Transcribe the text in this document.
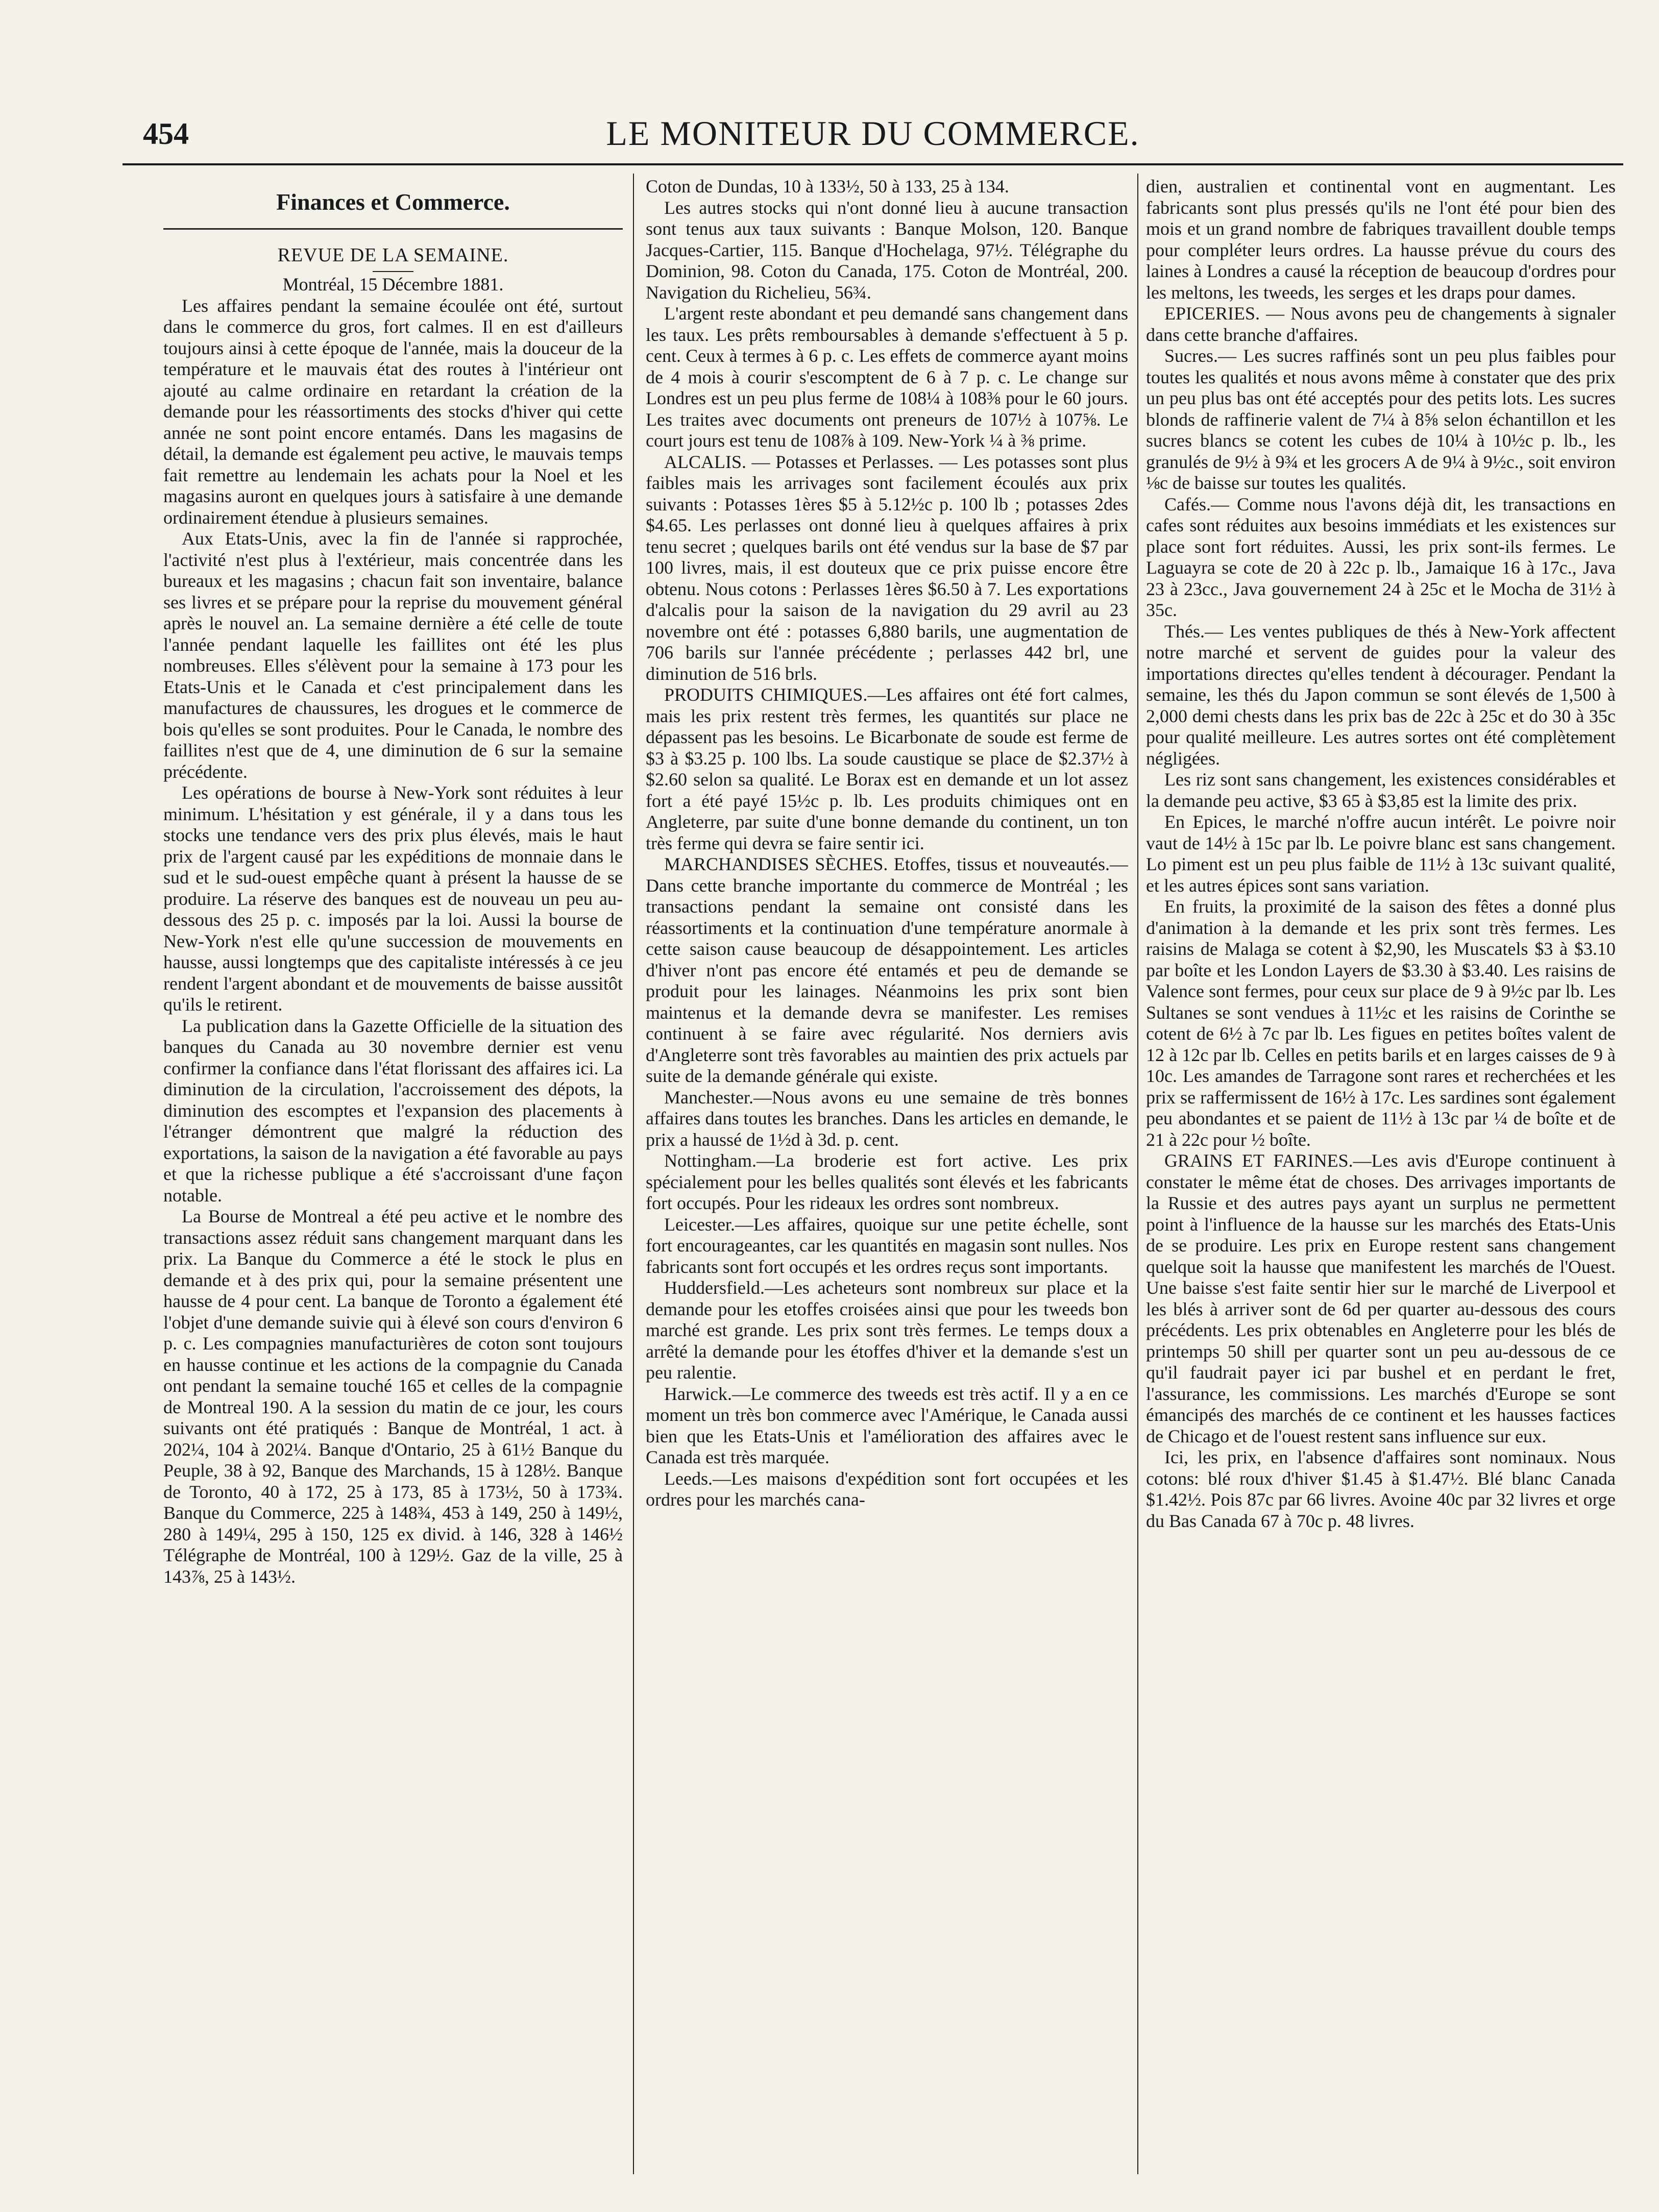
454	LE MONITEUR DU COMMERCE.

Finances et Commerce.

REVUE DE LA SEMAINE.

Montréal, 15 Décembre 1881.

Les affaires pendant la semaine écoulée ont été, surtout dans le commerce du gros, fort calmes. Il en est d'ailleurs toujours ainsi à cette époque de l'année, mais la douceur de la température et le mauvais état des routes à l'intérieur ont ajouté au calme ordinaire en retardant la création de la demande pour les réassortiments des stocks d'hiver qui cette année ne sont point encore entamés. Dans les magasins de détail, la demande est également peu active, le mauvais temps fait remettre au lendemain les achats pour la Noel et les magasins auront en quelques jours à satisfaire à une demande ordinairement étendue à plusieurs semaines.

Aux Etats-Unis, avec la fin de l'année si rapprochée, l'activité n'est plus à l'extérieur, mais concentrée dans les bureaux et les magasins ; chacun fait son inventaire, balance ses livres et se prépare pour la reprise du mouvement général après le nouvel an. La semaine dernière a été celle de toute l'année pendant laquelle les faillites ont été les plus nombreuses. Elles s'élèvent pour la semaine à 173 pour les Etats-Unis et le Canada et c'est principalement dans les manufactures de chaussures, les drogues et le commerce de bois qu'elles se sont produites. Pour le Canada, le nombre des faillites n'est que de 4, une diminution de 6 sur la semaine précédente.

Les opérations de bourse à New-York sont réduites à leur minimum. L'hésitation y est générale, il y a dans tous les stocks une tendance vers des prix plus élevés, mais le haut prix de l'argent causé par les expéditions de monnaie dans le sud et le sud-ouest empêche quant à présent la hausse de se produire. La réserve des banques est de nouveau un peu au-dessous des 25 p. c. imposés par la loi. Aussi la bourse de New-York n'est elle qu'une succession de mouvements en hausse, aussi longtemps que des capitaliste intéressés à ce jeu rendent l'argent abondant et de mouvements de baisse aussitôt qu'ils le retirent.

La publication dans la Gazette Officielle de la situation des banques du Canada au 30 novembre dernier est venu confirmer la confiance dans l'état florissant des affaires ici. La diminution de la circulation, l'accroissement des dépots, la diminution des escomptes et l'expansion des placements à l'étranger démontrent que malgré la réduction des exportations, la saison de la navigation a été favorable au pays et que la richesse publique a été s'accroissant d'une façon notable.

La Bourse de Montreal a été peu active et le nombre des transactions assez réduit sans changement marquant dans les prix. La Banque du Commerce a été le stock le plus en demande et à des prix qui, pour la semaine présentent une hausse de 4 pour cent. La banque de Toronto a également été l'objet d'une demande suivie qui à élevé son cours d'environ 6 p. c. Les compagnies manufacturières de coton sont toujours en hausse continue et les actions de la compagnie du Canada ont pendant la semaine touché 165 et celles de la compagnie de Montreal 190. A la session du matin de ce jour, les cours suivants ont été pratiqués : Banque de Montréal, 1 act. à 202¼, 104 à 202¼. Banque d'Ontario, 25 à 61½ Banque du Peuple, 38 à 92, Banque des Marchands, 15 à 128½. Banque de Toronto, 40 à 172, 25 à 173, 85 à 173½, 50 à 173¾. Banque du Commerce, 225 à 148¾, 453 à 149, 250 à 149½, 280 à 149¼, 295 à 150, 125 ex divid. à 146, 328 à 146½ Télégraphe de Montréal, 100 à 129½. Gaz de la ville, 25 à 143⅞, 25 à 143½.

Coton de Dundas, 10 à 133½, 50 à 133, 25 à 134.

Les autres stocks qui n'ont donné lieu à aucune transaction sont tenus aux taux suivants : Banque Molson, 120. Banque Jacques-Cartier, 115. Banque d'Hochelaga, 97½. Télégraphe du Dominion, 98. Coton du Canada, 175. Coton de Montréal, 200. Navigation du Richelieu, 56¾.

L'argent reste abondant et peu demandé sans changement dans les taux. Les prêts remboursables à demande s'effectuent à 5 p. cent. Ceux à termes à 6 p. c. Les effets de commerce ayant moins de 4 mois à courir s'escomptent de 6 à 7 p. c. Le change sur Londres est un peu plus ferme de 108¼ à 108⅜ pour le 60 jours. Les traites avec documents ont preneurs de 107½ à 107⅝. Le court jours est tenu de 108⅞ à 109. New-York ¼ à ⅜ prime.

ALCALIS. — Potasses et Perlasses. — Les potasses sont plus faibles mais les arrivages sont facilement écoulés aux prix suivants : Potasses 1ères $5 à 5.12½c p. 100 lb ; potasses 2des $4.65. Les perlasses ont donné lieu à quelques affaires à prix tenu secret ; quelques barils ont été vendus sur la base de $7 par 100 livres, mais, il est douteux que ce prix puisse encore être obtenu. Nous cotons : Perlasses 1ères $6.50 à 7. Les exportations d'alcalis pour la saison de la navigation du 29 avril au 23 novembre ont été : potasses 6,880 barils, une augmentation de 706 barils sur l'année précédente ; perlasses 442 brl, une diminution de 516 brls.

PRODUITS CHIMIQUES.—Les affaires ont été fort calmes, mais les prix restent très fermes, les quantités sur place ne dépassent pas les besoins. Le Bicarbonate de soude est ferme de $3 à $3.25 p. 100 lbs. La soude caustique se place de $2.37½ à $2.60 selon sa qualité. Le Borax est en demande et un lot assez fort a été payé 15½c p. lb. Les produits chimiques ont en Angleterre, par suite d'une bonne demande du continent, un ton très ferme qui devra se faire sentir ici.

MARCHANDISES SÈCHES. Etoffes, tissus et nouveautés.—Dans cette branche importante du commerce de Montréal ; les transactions pendant la semaine ont consisté dans les réassortiments et la continuation d'une température anormale à cette saison cause beaucoup de désappointement. Les articles d'hiver n'ont pas encore été entamés et peu de demande se produit pour les lainages. Néanmoins les prix sont bien maintenus et la demande devra se manifester. Les remises continuent à se faire avec régularité. Nos derniers avis d'Angleterre sont très favorables au maintien des prix actuels par suite de la demande générale qui existe.

Manchester.—Nous avons eu une semaine de très bonnes affaires dans toutes les branches. Dans les articles en demande, le prix a haussé de 1½d à 3d. p. cent.

Nottingham.—La broderie est fort active. Les prix spécialement pour les belles qualités sont élevés et les fabricants fort occupés. Pour les rideaux les ordres sont nombreux.

Leicester.—Les affaires, quoique sur une petite échelle, sont fort encourageantes, car les quantités en magasin sont nulles. Nos fabricants sont fort occupés et les ordres reçus sont importants.

Huddersfield.—Les acheteurs sont nombreux sur place et la demande pour les etoffes croisées ainsi que pour les tweeds bon marché est grande. Les prix sont très fermes. Le temps doux a arrêté la demande pour les étoffes d'hiver et la demande s'est un peu ralentie.

Harwick.—Le commerce des tweeds est très actif. Il y a en ce moment un très bon commerce avec l'Amérique, le Canada aussi bien que les Etats-Unis et l'amélioration des affaires avec le Canada est très marquée.

Leeds.—Les maisons d'expédition sont fort occupées et les ordres pour les marchés cana-

dien, australien et continental vont en augmentant. Les fabricants sont plus pressés qu'ils ne l'ont été pour bien des mois et un grand nombre de fabriques travaillent double temps pour compléter leurs ordres. La hausse prévue du cours des laines à Londres a causé la réception de beaucoup d'ordres pour les meltons, les tweeds, les serges et les draps pour dames.

EPICERIES. — Nous avons peu de changements à signaler dans cette branche d'affaires.

Sucres.— Les sucres raffinés sont un peu plus faibles pour toutes les qualités et nous avons même à constater que des prix un peu plus bas ont été acceptés pour des petits lots. Les sucres blonds de raffinerie valent de 7¼ à 8⅝ selon échantillon et les sucres blancs se cotent les cubes de 10¼ à 10½c p. lb., les granulés de 9½ à 9¾ et les grocers A de 9¼ à 9½c., soit environ ⅛c de baisse sur toutes les qualités.

Cafés.— Comme nous l'avons déjà dit, les transactions en cafes sont réduites aux besoins immédiats et les existences sur place sont fort réduites. Aussi, les prix sont-ils fermes. Le Laguayra se cote de 20 à 22c p. lb., Jamaique 16 à 17c., Java 23 à 23cc., Java gouvernement 24 à 25c et le Mocha de 31½ à 35c.

Thés.— Les ventes publiques de thés à New-York affectent notre marché et servent de guides pour la valeur des importations directes qu'elles tendent à décourager. Pendant la semaine, les thés du Japon commun se sont élevés de 1,500 à 2,000 demi chests dans les prix bas de 22c à 25c et do 30 à 35c pour qualité meilleure. Les autres sortes ont été complètement négligées.

Les riz sont sans changement, les existences considérables et la demande peu active, $3 65 à $3,85 est la limite des prix.

En Epices, le marché n'offre aucun intérêt. Le poivre noir vaut de 14½ à 15c par lb. Le poivre blanc est sans changement. Lo piment est un peu plus faible de 11½ à 13c suivant qualité, et les autres épices sont sans variation.

En fruits, la proximité de la saison des fêtes a donné plus d'animation à la demande et les prix sont très fermes. Les raisins de Malaga se cotent à $2,90, les Muscatels $3 à $3.10 par boîte et les London Layers de $3.30 à $3.40. Les raisins de Valence sont fermes, pour ceux sur place de 9 à 9½c par lb. Les Sultanes se sont vendues à 11½c et les raisins de Corinthe se cotent de 6½ à 7c par lb. Les figues en petites boîtes valent de 12 à 12c par lb. Celles en petits barils et en larges caisses de 9 à 10c. Les amandes de Tarragone sont rares et recherchées et les prix se raffermissent de 16½ à 17c. Les sardines sont également peu abondantes et se paient de 11½ à 13c par ¼ de boîte et de 21 à 22c pour ½ boîte.

GRAINS ET FARINES.—Les avis d'Europe continuent à constater le même état de choses. Des arrivages importants de la Russie et des autres pays ayant un surplus ne permettent point à l'influence de la hausse sur les marchés des Etats-Unis de se produire. Les prix en Europe restent sans changement quelque soit la hausse que manifestent les marchés de l'Ouest. Une baisse s'est faite sentir hier sur le marché de Liverpool et les blés à arriver sont de 6d per quarter au-dessous des cours précédents. Les prix obtenables en Angleterre pour les blés de printemps 50 shill per quarter sont un peu au-dessous de ce qu'il faudrait payer ici par bushel et en perdant le fret, l'assurance, les commissions. Les marchés d'Europe se sont émancipés des marchés de ce continent et les hausses factices de Chicago et de l'ouest restent sans influence sur eux.

Ici, les prix, en l'absence d'affaires sont nominaux. Nous cotons: blé roux d'hiver $1.45 à $1.47½. Blé blanc Canada $1.42½. Pois 87c par 66 livres. Avoine 40c par 32 livres et orge du Bas Canada 67 à 70c p. 48 livres.
